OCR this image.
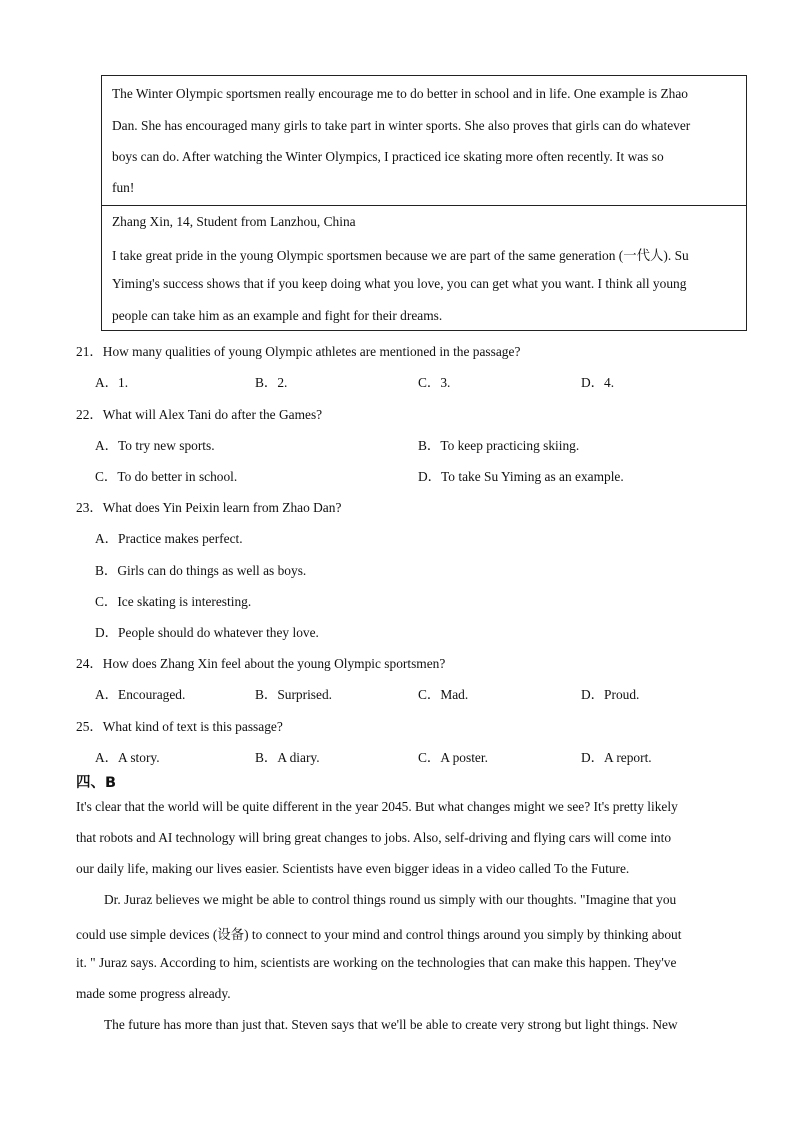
The Winter Olympic sportsmen really encourage me to do better in school and in life. One example is Zhao
Dan. She has encouraged many girls to take part in winter sports. She also proves that girls can do whatever
boys can do. After watching the Winter Olympics, I practiced ice skating more often recently. It was so
fun!
Zhang Xin, 14, Student from Lanzhou, China
I take great pride in the young Olympic sportsmen because we are part of the same generation (一代人). Su
Yiming's success shows that if you keep doing what you love, you can get what you want. I think all young
people can take him as an example and fight for their dreams.
21．How many qualities of young Olympic athletes are mentioned in the passage?
A．1.	B．2.	C．3.	D．4.
22．What will Alex Tani do after the Games?
A．To try new sports.	B．To keep practicing skiing.
C．To do better in school.	D．To take Su Yiming as an example.
23．What does Yin Peixin learn from Zhao Dan?
A．Practice makes perfect.
B．Girls can do things as well as boys.
C．Ice skating is interesting.
D．People should do whatever they love.
24．How does Zhang Xin feel about the young Olympic sportsmen?
A．Encouraged.	B．Surprised.	C．Mad.	D．Proud.
25．What kind of text is this passage?
A．A story.	B．A diary.	C．A poster.	D．A report.
四、B
It's clear that the world will be quite different in the year 2045. But what changes might we see? It's pretty likely
that robots and AI technology will bring great changes to jobs. Also, self-driving and flying cars will come into
our daily life, making our lives easier. Scientists have even bigger ideas in a video called To the Future.
Dr. Juraz believes we might be able to control things round us simply with our thoughts. "Imagine that you
could use simple devices (设备) to connect to your mind and control things around you simply by thinking about
it. " Juraz says. According to him, scientists are working on the technologies that can make this happen. They've
made some progress already.
The future has more than just that. Steven says that we'll be able to create very strong but light things. New
